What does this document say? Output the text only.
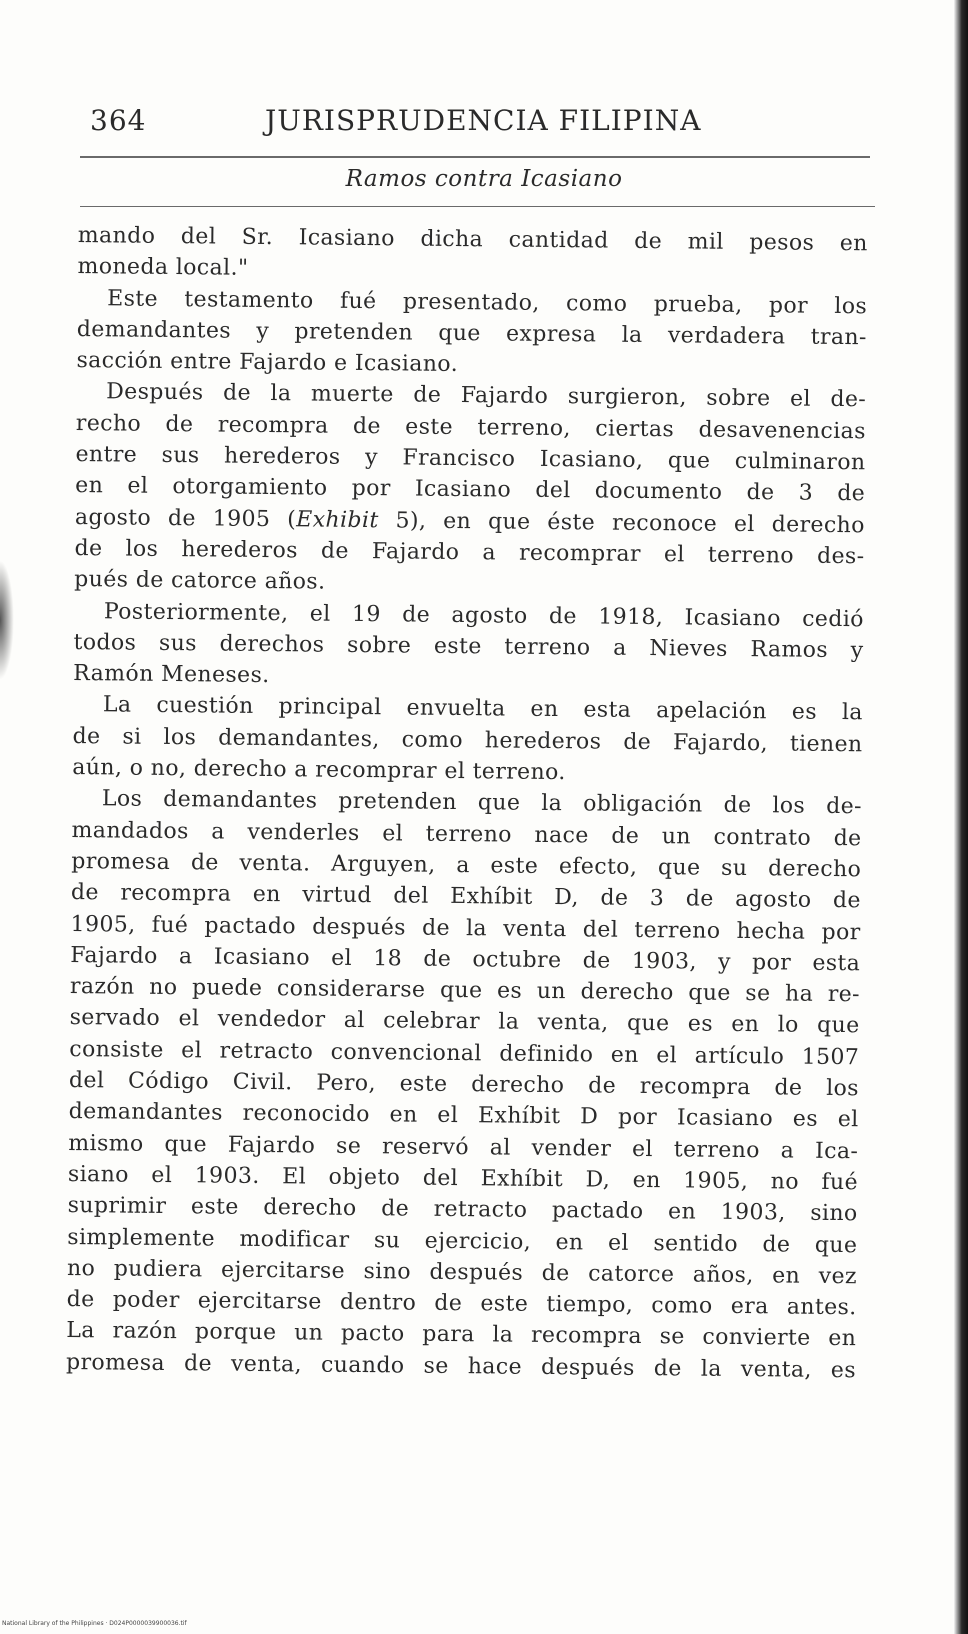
364	JURISPRUDENCIA FILIPINA
Ramos contra Icasiano
mando del Sr. Icasiano dicha cantidad de mil pesos en
moneda local."
Este testamento fué presentado, como prueba, por los
demandantes y pretenden que expresa la verdadera tran-
sacción entre Fajardo e Icasiano.
Después de la muerte de Fajardo surgieron, sobre el de-
recho de recompra de este terreno, ciertas desavenencias
entre sus herederos y Francisco Icasiano, que culminaron
en el otorgamiento por Icasiano del documento de 3 de
agosto de 1905 (Exhibit 5), en que éste reconoce el derecho
de los herederos de Fajardo a recomprar el terreno des-
pués de catorce años.
Posteriormente, el 19 de agosto de 1918, Icasiano cedió
todos sus derechos sobre este terreno a Nieves Ramos y
Ramón Meneses.
La cuestión principal envuelta en esta apelación es la
de si los demandantes, como herederos de Fajardo, tienen
aún, o no, derecho a recomprar el terreno.
Los demandantes pretenden que la obligación de los de-
mandados a venderles el terreno nace de un contrato de
promesa de venta. Arguyen, a este efecto, que su derecho
de recompra en virtud del Exhíbit D, de 3 de agosto de
1905, fué pactado después de la venta del terreno hecha por
Fajardo a Icasiano el 18 de octubre de 1903, y por esta
razón no puede considerarse que es un derecho que se ha re-
servado el vendedor al celebrar la venta, que es en lo que
consiste el retracto convencional definido en el artículo 1507
del Código Civil. Pero, este derecho de recompra de los
demandantes reconocido en el Exhíbit D por Icasiano es el
mismo que Fajardo se reservó al vender el terreno a Ica-
siano el 1903. El objeto del Exhíbit D, en 1905, no fué
suprimir este derecho de retracto pactado en 1903, sino
simplemente modificar su ejercicio, en el sentido de que
no pudiera ejercitarse sino después de catorce años, en vez
de poder ejercitarse dentro de este tiempo, como era antes.
La razón porque un pacto para la recompra se convierte en
promesa de venta, cuando se hace después de la venta, es
National Library of the Philippines · D024P0000039900036.tif
